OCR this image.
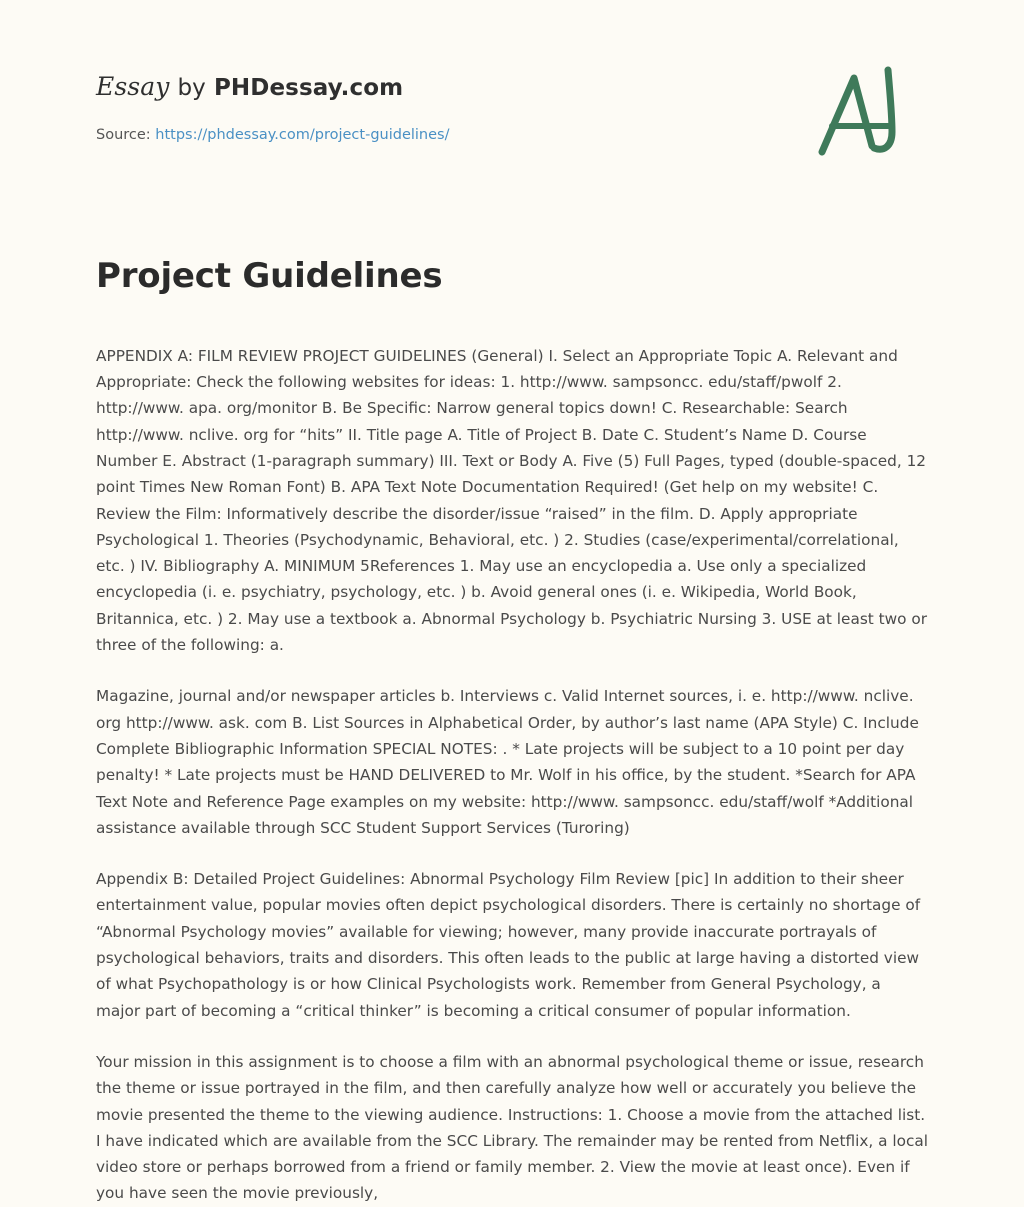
Essay by PHDessay.com
Source: https://phdessay.com/project-guidelines/
Project Guidelines

APPENDIX A: FILM REVIEW PROJECT GUIDELINES (General) I. Select an Appropriate Topic A. Relevant and Appropriate: Check the following websites for ideas: 1. http://www. sampsoncc. edu/staff/pwolf 2. http://www. apa. org/monitor B. Be Specific: Narrow general topics down! C. Researchable: Search http://www. nclive. org for “hits” II. Title page A. Title of Project B. Date C. Student’s Name D. Course Number E. Abstract (1-paragraph summary) III. Text or Body A. Five (5) Full Pages, typed (double-spaced, 12 point Times New Roman Font) B. APA Text Note Documentation Required! (Get help on my website! C. Review the Film: Informatively describe the disorder/issue “raised” in the film. D. Apply appropriate Psychological 1. Theories (Psychodynamic, Behavioral, etc. ) 2. Studies (case/experimental/correlational, etc. ) IV. Bibliography A. MINIMUM 5References 1. May use an encyclopedia a. Use only a specialized encyclopedia (i. e. psychiatry, psychology, etc. ) b. Avoid general ones (i. e. Wikipedia, World Book, Britannica, etc. ) 2. May use a textbook a. Abnormal Psychology b. Psychiatric Nursing 3. USE at least two or three of the following: a.

Magazine, journal and/or newspaper articles b. Interviews c. Valid Internet sources, i. e. http://www. nclive. org http://www. ask. com B. List Sources in Alphabetical Order, by author’s last name (APA Style) C. Include Complete Bibliographic Information SPECIAL NOTES: . * Late projects will be subject to a 10 point per day penalty! * Late projects must be HAND DELIVERED to Mr. Wolf in his office, by the student. *Search for APA Text Note and Reference Page examples on my website: http://www. sampsoncc. edu/staff/wolf *Additional assistance available through SCC Student Support Services (Turoring)

Appendix B: Detailed Project Guidelines: Abnormal Psychology Film Review [pic] In addition to their sheer entertainment value, popular movies often depict psychological disorders. There is certainly no shortage of “Abnormal Psychology movies” available for viewing; however, many provide inaccurate portrayals of psychological behaviors, traits and disorders. This often leads to the public at large having a distorted view of what Psychopathology is or how Clinical Psychologists work. Remember from General Psychology, a major part of becoming a “critical thinker” is becoming a critical consumer of popular information.

Your mission in this assignment is to choose a film with an abnormal psychological theme or issue, research the theme or issue portrayed in the film, and then carefully analyze how well or accurately you believe the movie presented the theme to the viewing audience. Instructions: 1. Choose a movie from the attached list. I have indicated which are available from the SCC Library. The remainder may be rented from Netflix, a local video store or perhaps borrowed from a friend or family member. 2. View the movie at least once). Even if you have seen the movie previously,
